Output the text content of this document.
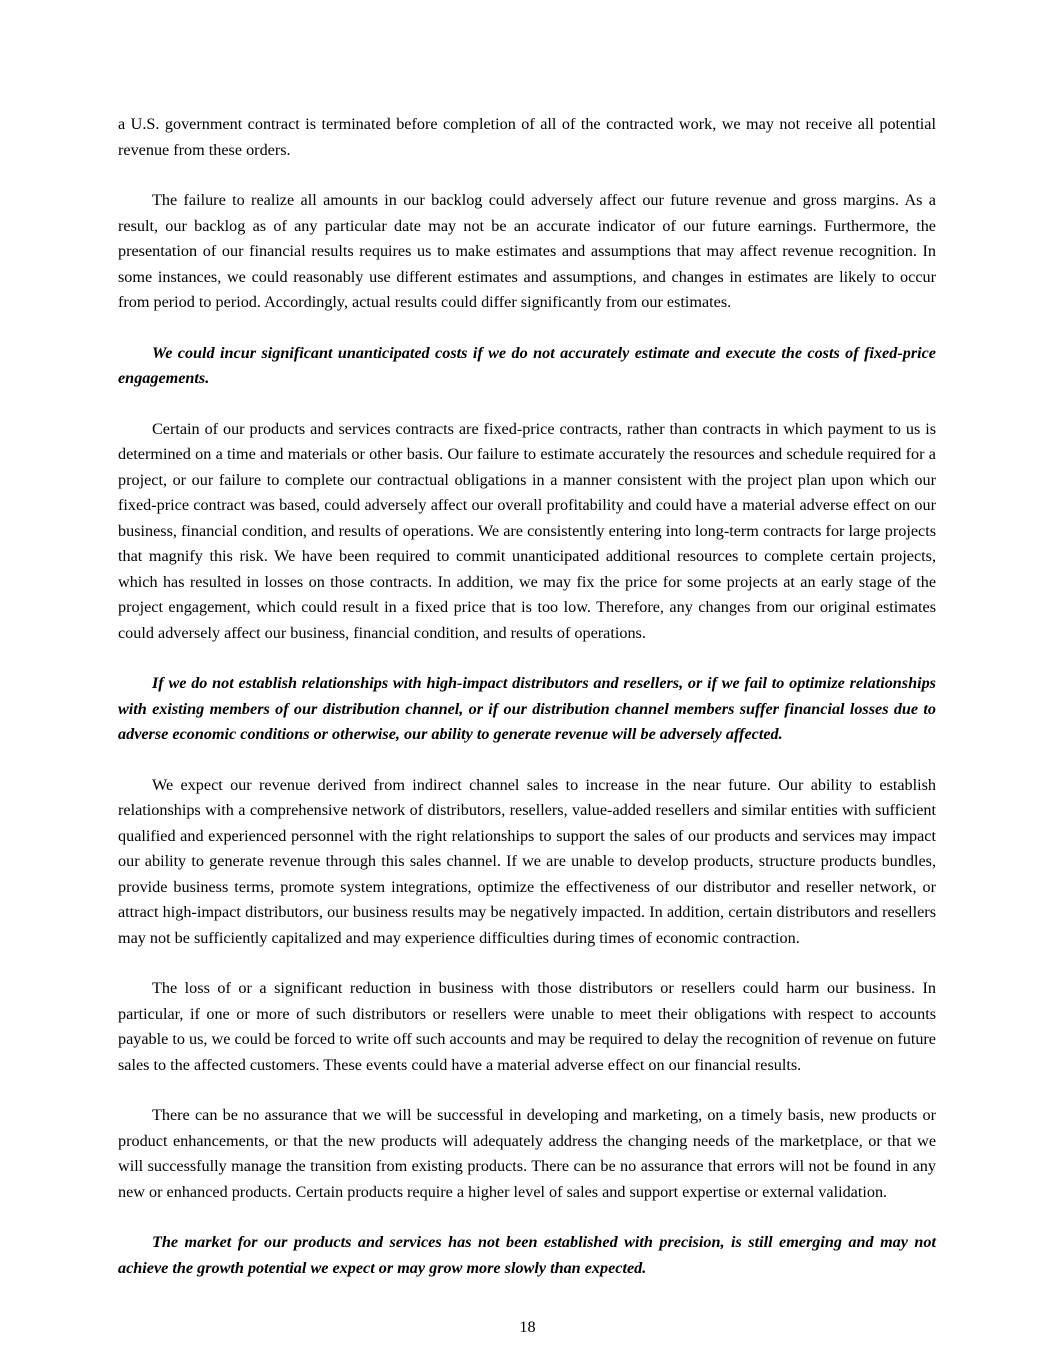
a U.S. government contract is terminated before completion of all of the contracted work, we may not receive all potential revenue from these orders.

The failure to realize all amounts in our backlog could adversely affect our future revenue and gross margins. As a result, our backlog as of any particular date may not be an accurate indicator of our future earnings. Furthermore, the presentation of our financial results requires us to make estimates and assumptions that may affect revenue recognition. In some instances, we could reasonably use different estimates and assumptions, and changes in estimates are likely to occur from period to period. Accordingly, actual results could differ significantly from our estimates.

We could incur significant unanticipated costs if we do not accurately estimate and execute the costs of fixed-price engagements.

Certain of our products and services contracts are fixed-price contracts, rather than contracts in which payment to us is determined on a time and materials or other basis. Our failure to estimate accurately the resources and schedule required for a project, or our failure to complete our contractual obligations in a manner consistent with the project plan upon which our fixed-price contract was based, could adversely affect our overall profitability and could have a material adverse effect on our business, financial condition, and results of operations. We are consistently entering into long-term contracts for large projects that magnify this risk. We have been required to commit unanticipated additional resources to complete certain projects, which has resulted in losses on those contracts. In addition, we may fix the price for some projects at an early stage of the project engagement, which could result in a fixed price that is too low. Therefore, any changes from our original estimates could adversely affect our business, financial condition, and results of operations.

If we do not establish relationships with high-impact distributors and resellers, or if we fail to optimize relationships with existing members of our distribution channel, or if our distribution channel members suffer financial losses due to adverse economic conditions or otherwise, our ability to generate revenue will be adversely affected.

We expect our revenue derived from indirect channel sales to increase in the near future. Our ability to establish relationships with a comprehensive network of distributors, resellers, value-added resellers and similar entities with sufficient qualified and experienced personnel with the right relationships to support the sales of our products and services may impact our ability to generate revenue through this sales channel. If we are unable to develop products, structure products bundles, provide business terms, promote system integrations, optimize the effectiveness of our distributor and reseller network, or attract high-impact distributors, our business results may be negatively impacted. In addition, certain distributors and resellers may not be sufficiently capitalized and may experience difficulties during times of economic contraction.

The loss of or a significant reduction in business with those distributors or resellers could harm our business. In particular, if one or more of such distributors or resellers were unable to meet their obligations with respect to accounts payable to us, we could be forced to write off such accounts and may be required to delay the recognition of revenue on future sales to the affected customers. These events could have a material adverse effect on our financial results.

There can be no assurance that we will be successful in developing and marketing, on a timely basis, new products or product enhancements, or that the new products will adequately address the changing needs of the marketplace, or that we will successfully manage the transition from existing products. There can be no assurance that errors will not be found in any new or enhanced products. Certain products require a higher level of sales and support expertise or external validation.

The market for our products and services has not been established with precision, is still emerging and may not achieve the growth potential we expect or may grow more slowly than expected.

18
